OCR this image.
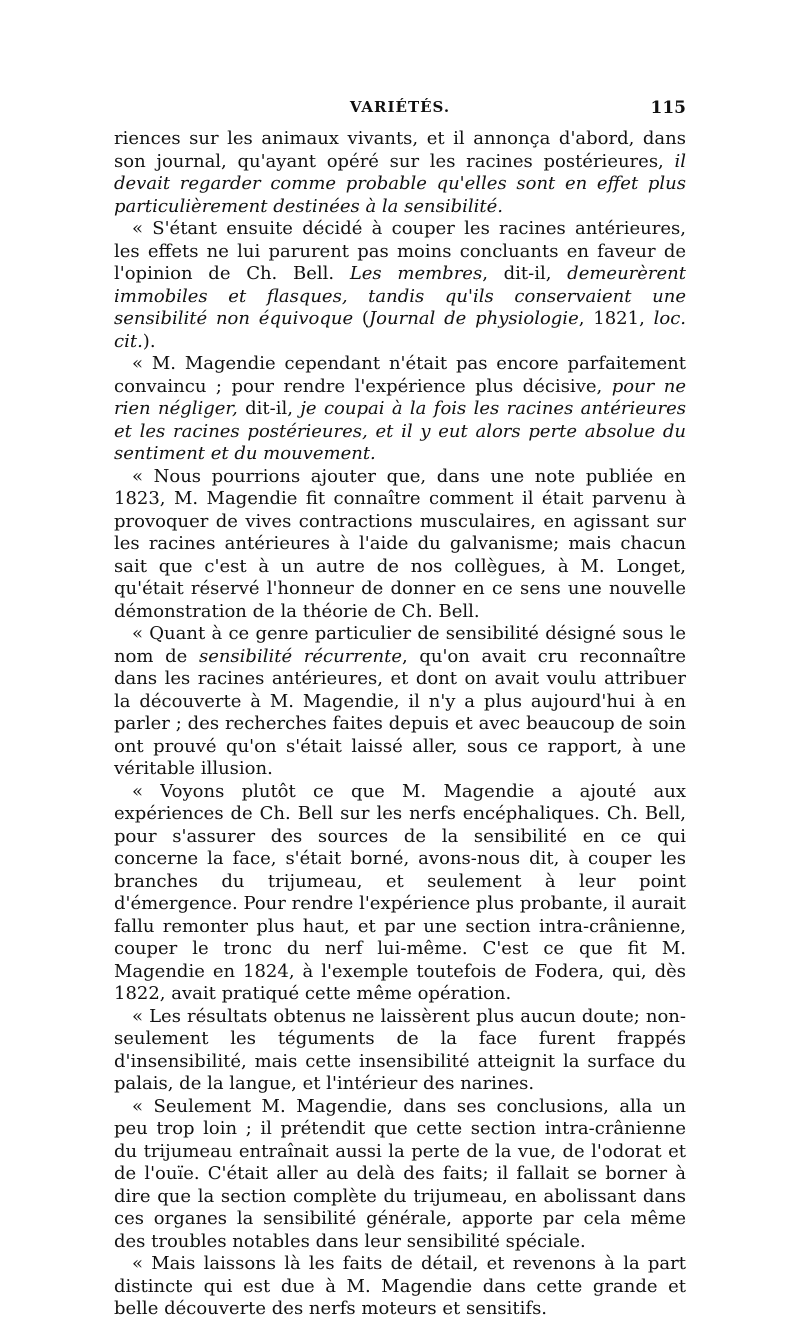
VARIÉTÉS.	115

riences sur les animaux vivants, et il annonça d'abord, dans son journal, qu'ayant opéré sur les racines postérieures, il devait regarder comme probable qu'elles sont en effet plus particulièrement destinées à la sensibilité.

« S'étant ensuite décidé à couper les racines antérieures, les effets ne lui parurent pas moins concluants en faveur de l'opinion de Ch. Bell. Les membres, dit-il, demeurèrent immobiles et flasques, tandis qu'ils conservaient une sensibilité non équivoque (Journal de physiologie, 1821, loc. cit.).

« M. Magendie cependant n'était pas encore parfaitement convaincu ; pour rendre l'expérience plus décisive, pour ne rien négliger, dit-il, je coupai à la fois les racines antérieures et les racines postérieures, et il y eut alors perte absolue du sentiment et du mouvement.

« Nous pourrions ajouter que, dans une note publiée en 1823, M. Magendie fit connaître comment il était parvenu à provoquer de vives contractions musculaires, en agissant sur les racines antérieures à l'aide du galvanisme; mais chacun sait que c'est à un autre de nos collègues, à M. Longet, qu'était réservé l'honneur de donner en ce sens une nouvelle démonstration de la théorie de Ch. Bell.

« Quant à ce genre particulier de sensibilité désigné sous le nom de sensibilité récurrente, qu'on avait cru reconnaître dans les racines antérieures, et dont on avait voulu attribuer la découverte à M. Magendie, il n'y a plus aujourd'hui à en parler ; des recherches faites depuis et avec beaucoup de soin ont prouvé qu'on s'était laissé aller, sous ce rapport, à une véritable illusion.

« Voyons plutôt ce que M. Magendie a ajouté aux expériences de Ch. Bell sur les nerfs encéphaliques. Ch. Bell, pour s'assurer des sources de la sensibilité en ce qui concerne la face, s'était borné, avons-nous dit, à couper les branches du trijumeau, et seulement à leur point d'émergence. Pour rendre l'expérience plus probante, il aurait fallu remonter plus haut, et par une section intra-crânienne, couper le tronc du nerf lui-même. C'est ce que fit M. Magendie en 1824, à l'exemple toutefois de Fodera, qui, dès 1822, avait pratiqué cette même opération.

« Les résultats obtenus ne laissèrent plus aucun doute; non-seulement les téguments de la face furent frappés d'insensibilité, mais cette insensibilité atteignit la surface du palais, de la langue, et l'intérieur des narines.

« Seulement M. Magendie, dans ses conclusions, alla un peu trop loin ; il prétendit que cette section intra-crânienne du trijumeau entraînait aussi la perte de la vue, de l'odorat et de l'ouïe. C'était aller au delà des faits; il fallait se borner à dire que la section complète du trijumeau, en abolissant dans ces organes la sensibilité générale, apporte par cela même des troubles notables dans leur sensibilité spéciale.

« Mais laissons là les faits de détail, et revenons à la part distincte qui est due à M. Magendie dans cette grande et belle découverte des nerfs moteurs et sensitifs.
